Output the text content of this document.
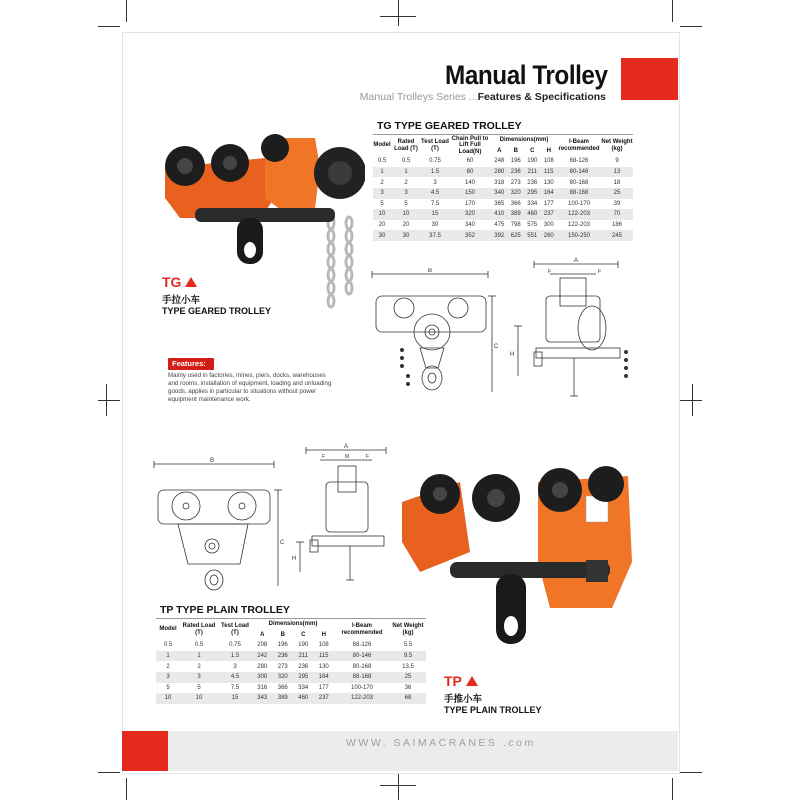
Manual Trolley
Manual Trolleys Series ...Features & Specifications
TG
手拉小车
TYPE GEARED TROLLEY
TG TYPE GEARED TROLLEY
Model	Rated Load (T)	Test Load (T)	Chain Pull to Lift Full Load(N)	Dimensions(mm)				I-Beam recommended	Net Weight (kg)
				A	B	C	H		
0.5	0.5	0.75	60	248	196	190	108	68-126	9
1	1	1.5	80	280	236	211	115	80-146	13
2	2	3	140	318	273	236	130	80-168	18
3	3	4.5	150	340	320	295	164	88-168	25
5	5	7.5	170	365	366	334	177	100-170	39
10	10	15	320	410	389	460	237	122-203	70
20	20	30	340	475	798	575	300	122-203	186
30	30	37.5	352	392	625	551	260	150-250	245
B
C
A
F	F
H
Features:
Mainly used in factories, mines, piers, docks, warehouses and rooms, installation of equipment, loading and unloading goods, applies in particular to situations without power equipment maintenance work.
B
C
A
F	M	F
H
TP TYPE PLAIN TROLLEY
Model	Rated Load (T)	Test Load (T)	Dimensions(mm)				I-Beam recommended	Net Weight (kg)
			A	B	C	H		
0.5	0.5	0.75	208	196	190	108	68-126	5.5
1	1	1.5	242	236	211	115	80-146	9.5
2	2	3	280	273	236	130	80-168	13.5
3	3	4.5	300	320	295	164	88-168	25
5	5	7.5	316	366	334	177	100-170	36
10	10	15	343	389	460	237	122-203	68
TP
手推小车
TYPE PLAIN TROLLEY
WWW. SAIMACRANES .com
